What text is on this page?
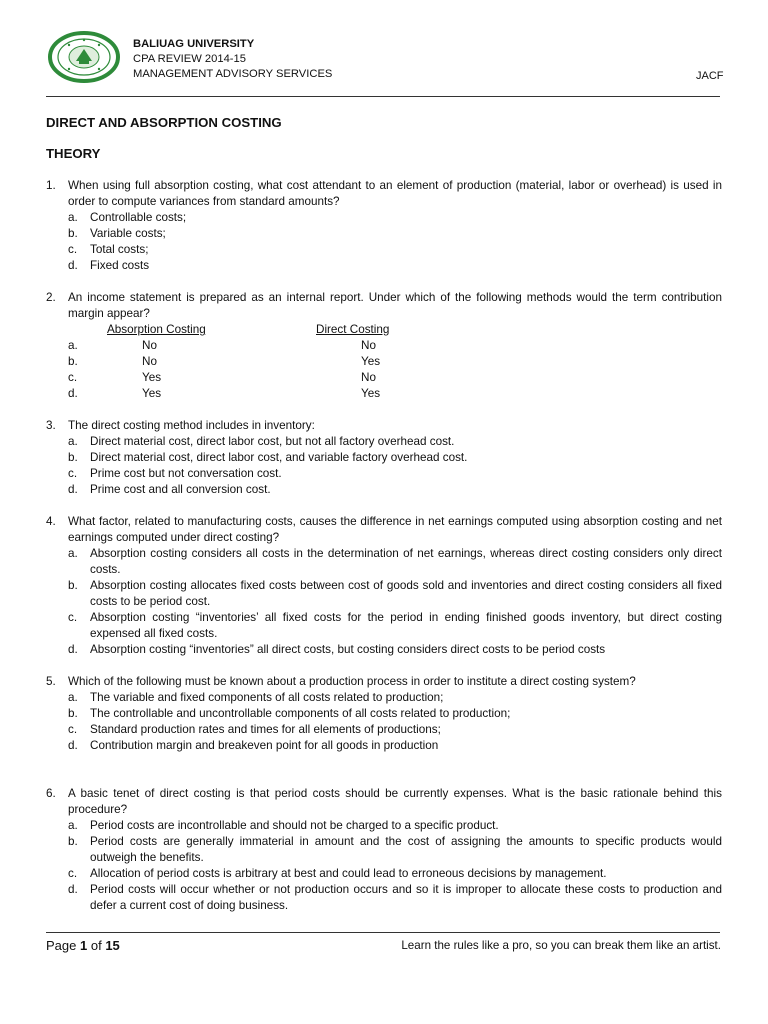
BALIUAG UNIVERSITY
CPA REVIEW 2014-15
MANAGEMENT ADVISORY SERVICES	JACF
DIRECT AND ABSORPTION COSTING
THEORY
1.	When using full absorption costing, what cost attendant to an element of production (material, labor or overhead) is used in order to compute variances from standard amounts?
a.	Controllable costs;
b.	Variable costs;
c.	Total costs;
d.	Fixed costs
2.	An income statement is prepared as an internal report. Under which of the following methods would the term contribution margin appear?
Absorption Costing	Direct Costing
a.	No	No
b.	No	Yes
c.	Yes	No
d.	Yes	Yes
3.	The direct costing method includes in inventory:
a.	Direct material cost, direct labor cost, but not all factory overhead cost.
b.	Direct material cost, direct labor cost, and variable factory overhead cost.
c.	Prime cost but not conversation cost.
d.	Prime cost and all conversion cost.
4.	What factor, related to manufacturing costs, causes the difference in net earnings computed using absorption costing and net earnings computed under direct costing?
a.	Absorption costing considers all costs in the determination of net earnings, whereas direct costing considers only direct costs.
b.	Absorption costing allocates fixed costs between cost of goods sold and inventories and direct costing considers all fixed costs to be period cost.
c.	Absorption costing “inventories’ all fixed costs for the period in ending finished goods inventory, but direct costing expensed all fixed costs.
d.	Absorption costing “inventories” all direct costs, but costing considers direct costs to be period costs
5.	Which of the following must be known about a production process in order to institute a direct costing system?
a.	The variable and fixed components of all costs related to production;
b.	The controllable and uncontrollable components of all costs related to production;
c.	Standard production rates and times for all elements of productions;
d.	Contribution margin and breakeven point for all goods in production
6.	A basic tenet of direct costing is that period costs should be currently expenses. What is the basic rationale behind this procedure?
a.	Period costs are incontrollable and should not be charged to a specific product.
b.	Period costs are generally immaterial in amount and the cost of assigning the amounts to specific products would outweigh the benefits.
c.	Allocation of period costs is arbitrary at best and could lead to erroneous decisions by management.
d.	Period costs will occur whether or not production occurs and so it is improper to allocate these costs to production and defer a current cost of doing business.
Page 1 of 15	Learn the rules like a pro, so you can break them like an artist.
